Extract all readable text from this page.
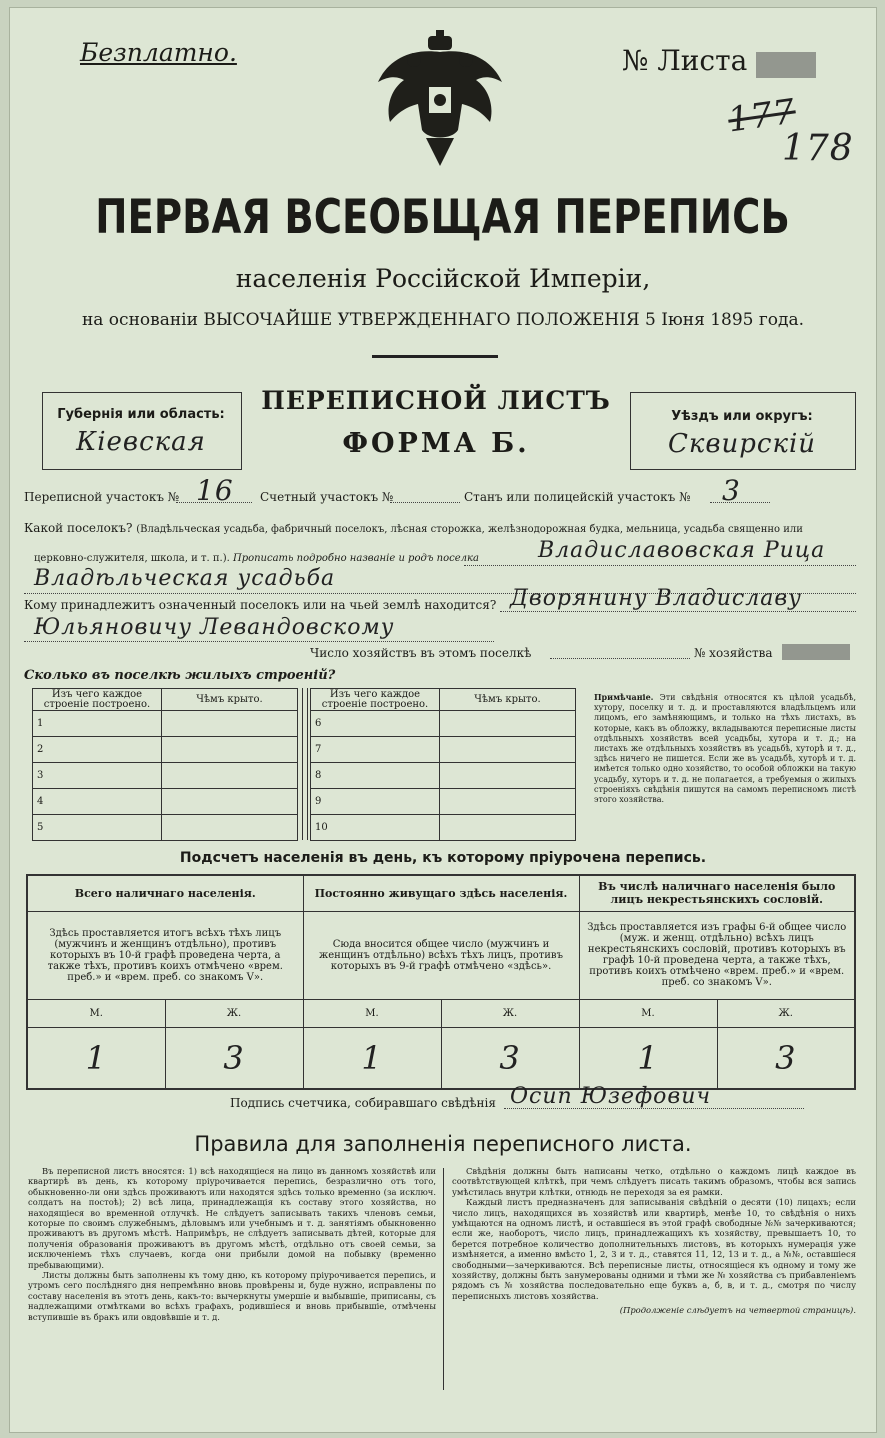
Безплатно.	№ Листа
177
178
ПЕРВАЯ ВСЕОБЩАЯ ПЕРЕПИСЬ
населенія Россійской Имперіи,
на основаніи ВЫСОЧАЙШЕ УТВЕРЖДЕННАГО ПОЛОЖЕНІЯ 5 Іюня 1895 года.
Губернія или область:
Кіевская
ПЕРЕПИСНОЙ ЛИСТЪ
ФОРМА Б.
Уѣздъ или округъ:
Сквирскій
Переписной участокъ № 16 Счетный участокъ №	Станъ или полицейскій участокъ № 3
Какой поселокъ? (Владѣльческая усадьба, фабричный поселокъ, лѣсная сторожка, желѣзнодорожная будка, мельница, усадьба священно или
церковно-служителя, школа, и т. п.). Прописать подробно названіе и родъ поселка	Владиславовская Рица
Владѣльческая усадьба
Кому принадлежитъ означенный поселокъ или на чьей землѣ находится? Дворянину Владиславу
Юльяновичу Левандовскому
Число хозяйствъ въ этомъ поселкѣ	№ хозяйства
Сколько въ поселкѣ жилыхъ строеній?
Изъ чего каждое строеніе построено.	Чѣмъ крыто.
1	
2	
3	
4	
5	
Изъ чего каждое строеніе построено.	Чѣмъ крыто.
6	
7	
8	
9	
10	
Примѣчаніе. Эти свѣдѣнія относятся къ цѣлой усадьбѣ, хутору, поселку и т. д. и проставляются владѣльцемъ или лицомъ, его замѣняющимъ, и только на тѣхъ листахъ, въ которые, какъ въ обложку, вкладываются переписные листы отдѣльныхъ хозяйствъ всей усадьбы, хутора и т. д.; на листахъ же отдѣльныхъ хозяйствъ въ усадьбѣ, хуторѣ и т. д., здѣсь ничего не пишется. Если же въ усадьбѣ, хуторѣ и т. д. имѣется только одно хозяйство, то особой обложки на такую усадьбу, хуторъ и т. д. не полагается, а требуемыя о жилыхъ строеніяхъ свѣдѣнія пишутся на самомъ переписномъ листѣ этого хозяйства.
Подсчетъ населенія въ день, къ которому пріурочена перепись.
Всего наличнаго населенія.		Постоянно живущаго здѣсь населенія.		Въ числѣ наличнаго населенія было лицъ некрестьянскихъ сословій.	
Здѣсь проставляется итогъ всѣхъ тѣхъ лицъ (мужчинъ и женщинъ отдѣльно), противъ которыхъ въ 10-й графѣ проведена черта, а также тѣхъ, противъ коихъ отмѣчено «врем. преб.» и «врем. преб. со знакомъ V».		Сюда вносится общее число (мужчинъ и женщинъ отдѣльно) всѣхъ тѣхъ лицъ, противъ которыхъ въ 9-й графѣ отмѣчено «здѣсь».		Здѣсь проставляется изъ графы 6-й общее число (муж. и женщ. отдѣльно) всѣхъ лицъ некрестьянскихъ сословій, противъ которыхъ въ графѣ 10-й проведена черта, а также тѣхъ, противъ коихъ отмѣчено «врем. преб.» и «врем. преб. со знакомъ V».	
М.	Ж.	М.	Ж.	М.	Ж.
1	3	1	3	1	3
Подпись счетчика, собиравшаго свѣдѣнія Осип Юзефович
Правила для заполненія переписного листа.

Въ переписной листъ вносятся: 1) всѣ находящіеся на лицо въ данномъ хозяйствѣ или квартирѣ въ день, къ которому пріурочивается перепись, безразлично отъ того, обыкновенно-ли они здѣсь проживаютъ или находятся здѣсь только временно (за исключ. солдатъ на постоѣ); 2) всѣ лица, принадлежащія къ составу этого хозяйства, но находящіеся во временной отлучкѣ. Не слѣдуетъ записывать такихъ членовъ семьи, которые по своимъ служебнымъ, дѣловымъ или учебнымъ и т. д. занятіямъ обыкновенно проживаютъ въ другомъ мѣстѣ. Напримѣръ, не слѣдуетъ записывать дѣтей, которые для полученія образованія проживаютъ въ другомъ мѣстѣ, отдѣльно отъ своей семьи, за исключеніемъ тѣхъ случаевъ, когда они прибыли домой на побывку (временно пребывающими).

Листы должны быть заполнены къ тому дню, къ которому пріурочивается перепись, и утромъ сего послѣдняго дня непремѣнно вновь провѣрены и, буде нужно, исправлены по составу населенія въ этотъ день, какъ-то: вычеркнуты умершіе и выбывшіе, приписаны, съ надлежащими отмѣтками во всѣхъ графахъ, родившіеся и вновь прибывшіе, отмѣчены вступившіе въ бракъ или овдовѣвшіе и т. д.

Свѣдѣнія должны быть написаны четко, отдѣльно о каждомъ лицѣ каждое въ соотвѣтствующей клѣткѣ, при чемъ слѣдуетъ писать такимъ образомъ, чтобы вся запись умѣстилась внутри клѣтки, отнюдь не переходя за ея рамки.

Каждый листъ предназначенъ для записыванія свѣдѣній о десяти (10) лицахъ; если число лицъ, находящихся въ хозяйствѣ или квартирѣ, менѣе 10, то свѣдѣнія о нихъ умѣщаются на одномъ листѣ, и оставшіеся въ этой графѣ свободные №№ зачеркиваются; если же, наоборотъ, число лицъ, принадлежащихъ къ хозяйству, превышаетъ 10, то берется потребное количество дополнительныхъ листовъ, въ которыхъ нумерація уже измѣняется, а именно вмѣсто 1, 2, 3 и т. д., ставятся 11, 12, 13 и т. д., а №№, оставшіеся свободными—зачеркиваются. Всѣ переписные листы, относящіеся къ одному и тому же хозяйству, должны быть занумерованы одними и тѣми же № хозяйства съ прибавленіемъ рядомъ съ № хозяйства последовательно еще буквъ а, б, в, и т. д., смотря по числу переписныхъ листовъ хозяйства.

(Продолженіе слѣдуетъ на четвертой страницѣ).
